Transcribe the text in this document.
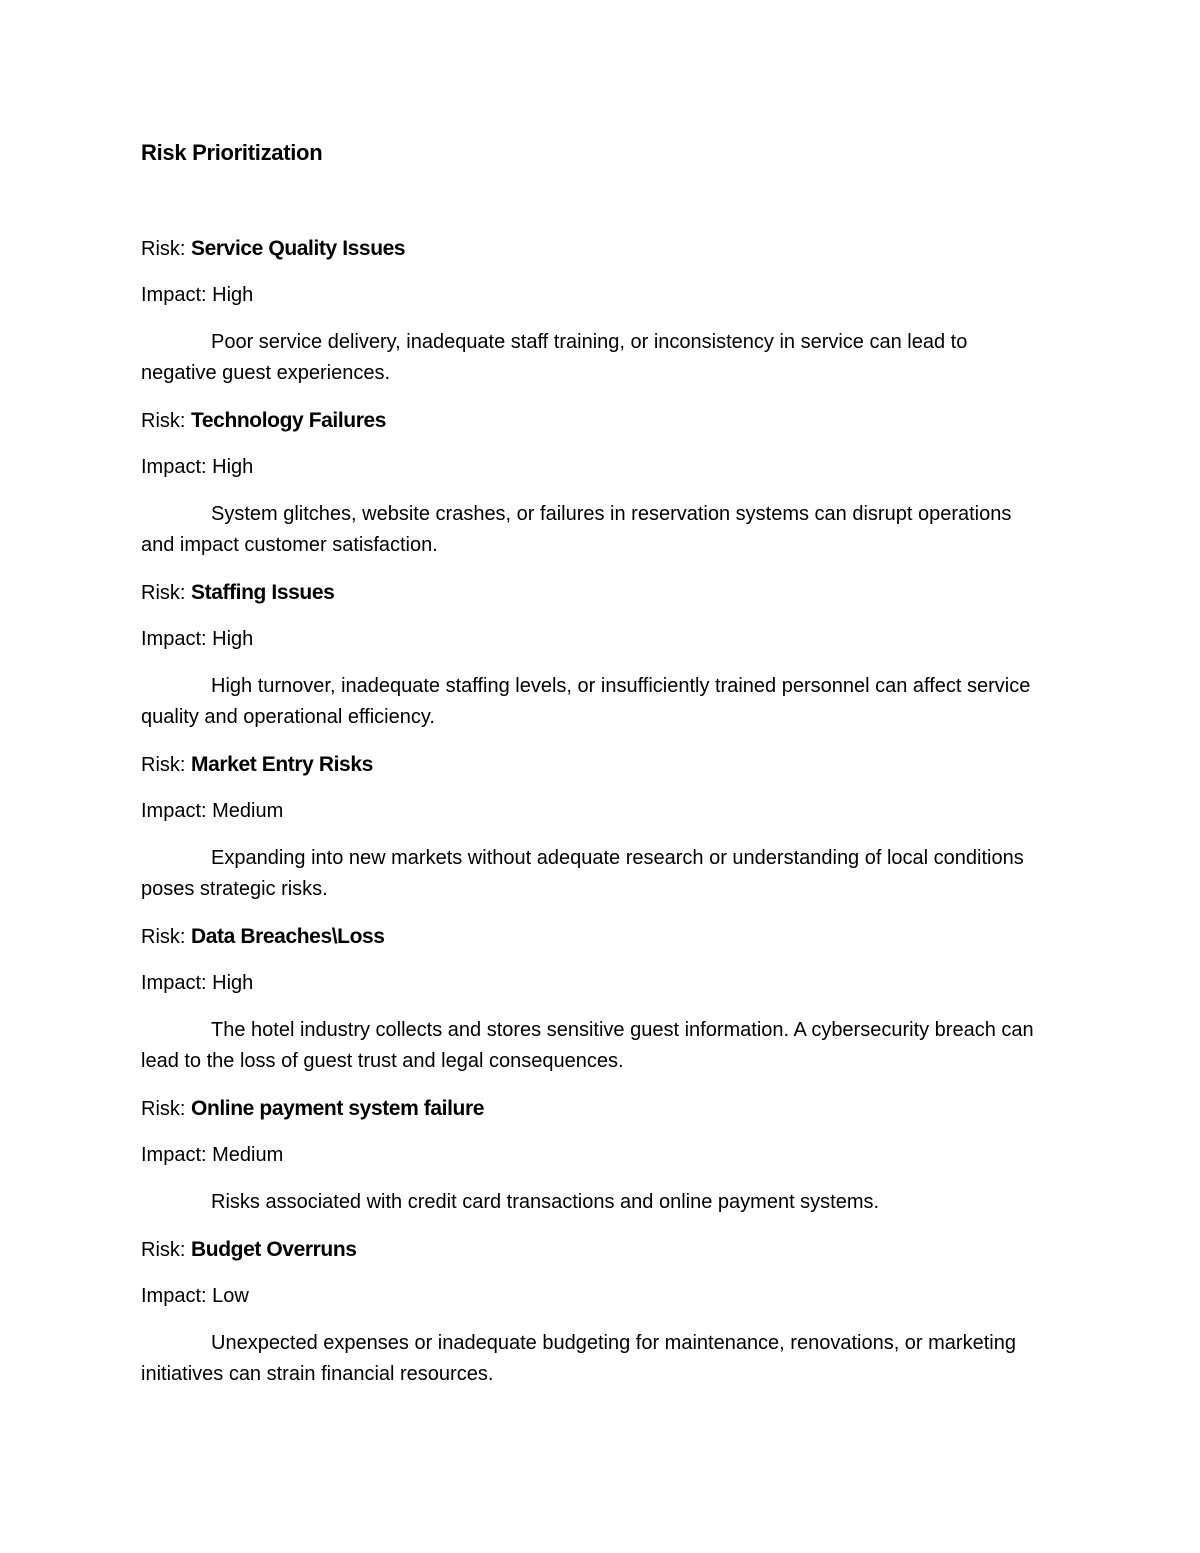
Risk Prioritization

Risk: Service Quality Issues

Impact: High

Poor service delivery, inadequate staff training, or inconsistency in service can lead to negative guest experiences.

Risk: Technology Failures

Impact: High

System glitches, website crashes, or failures in reservation systems can disrupt operations and impact customer satisfaction.

Risk: Staffing Issues

Impact: High

High turnover, inadequate staffing levels, or insufficiently trained personnel can affect service quality and operational efficiency.

Risk: Market Entry Risks

Impact: Medium

Expanding into new markets without adequate research or understanding of local conditions poses strategic risks.

Risk: Data Breaches\Loss

Impact: High

The hotel industry collects and stores sensitive guest information. A cybersecurity breach can lead to the loss of guest trust and legal consequences.

Risk: Online payment system failure

Impact: Medium

Risks associated with credit card transactions and online payment systems.

Risk: Budget Overruns

Impact: Low

Unexpected expenses or inadequate budgeting for maintenance, renovations, or marketing initiatives can strain financial resources.
